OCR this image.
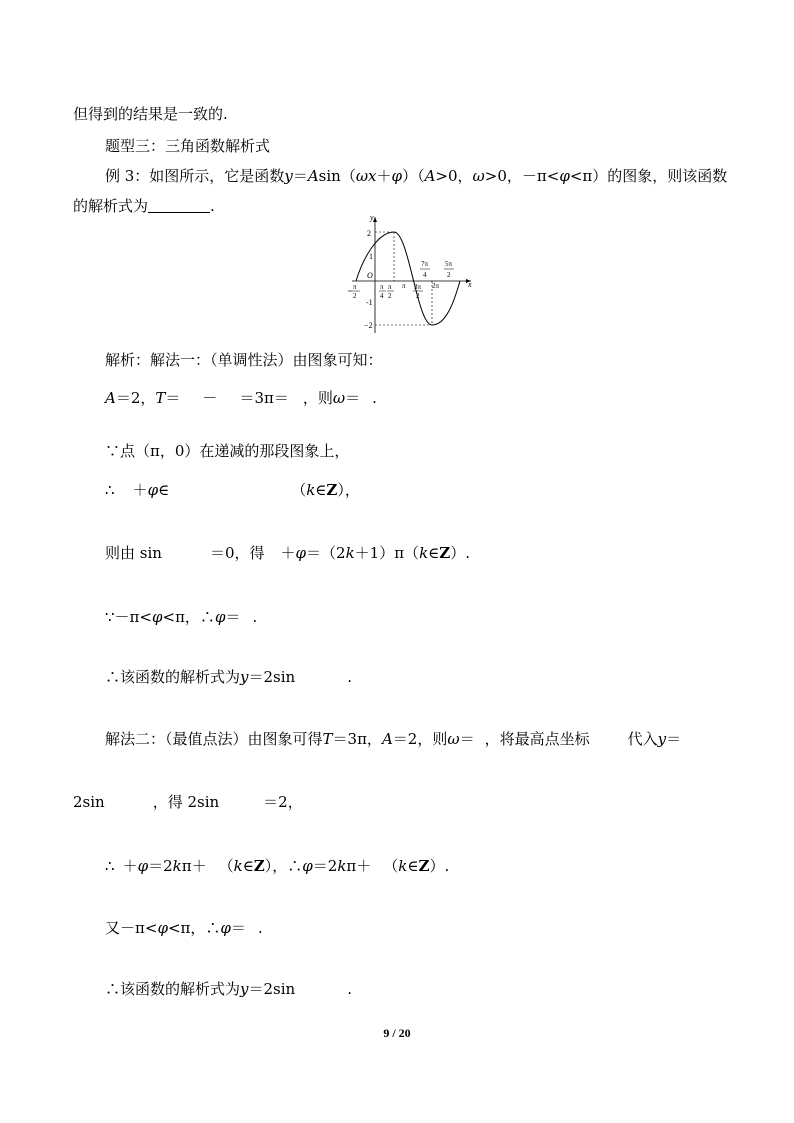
但得到的结果是一致的.
题型三：三角函数解析式
例 3：如图所示，它是函数y＝Asin（ωx＋φ）（A>0，ω>0，－π<φ<π）的图象，则该函数
的解析式为	.
x
y
O
2
1
-1
−2
π
2
π
4
π
2
π
7π
4
3π
2
2π
5π
2
解析：解法一：（单调性法）由图象可知：
A＝2，T＝ － ＝3π＝ ，则ω＝ .
∵点（π，0）在递减的那段图象上，
∴ ＋φ∈	（k∈Z），
则由 sin	＝0，得 ＋φ＝（2k＋1）π（k∈Z）.
∵－π<φ<π，∴φ＝ .
∴该函数的解析式为y＝2sin	.
解法二：（最值点法）由图象可得T＝3π，A＝2，则ω＝ ，将最高点坐标	代入y＝
2sin	，得 2sin	＝2，
∴ ＋φ＝2kπ＋ （k∈Z），∴φ＝2kπ＋ （k∈Z）.
又－π<φ<π，∴φ＝ .
∴该函数的解析式为y＝2sin	.
9 / 20
